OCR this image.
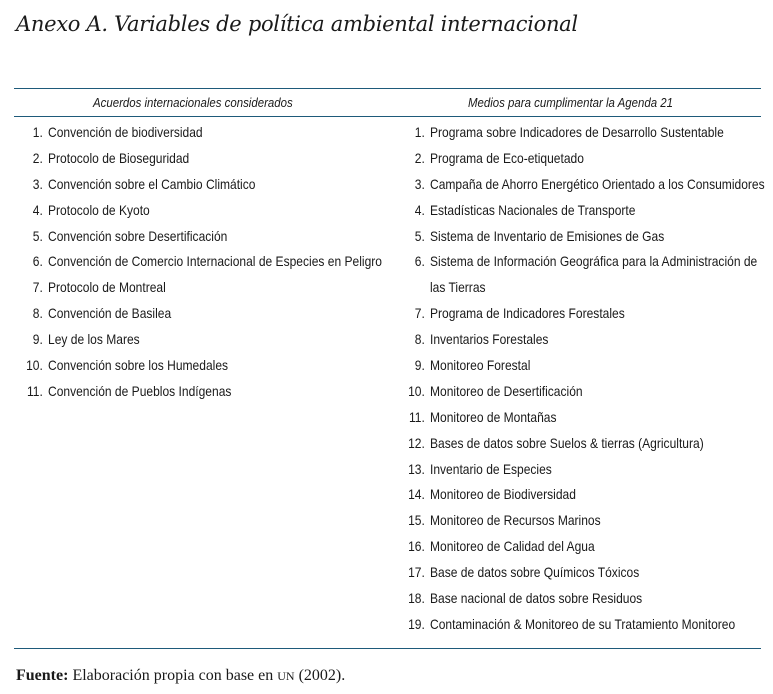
Anexo A. Variables de política ambiental internacional
Acuerdos internacionales considerados	Medios para cumplimentar la Agenda 21
1. Convención de biodiversidad
2. Protocolo de Bioseguridad
3. Convención sobre el Cambio Climático
4. Protocolo de Kyoto
5. Convención sobre Desertificación
6. Convención de Comercio Internacional de Especies en Peligro
7. Protocolo de Montreal
8. Convención de Basilea
9. Ley de los Mares
10. Convención sobre los Humedales
11. Convención de Pueblos Indígenas
1. Programa sobre Indicadores de Desarrollo Sustentable
2. Programa de Eco-etiquetado
3. Campaña de Ahorro Energético Orientado a los Consumidores
4. Estadísticas Nacionales de Transporte
5. Sistema de Inventario de Emisiones de Gas
6. Sistema de Información Geográfica para la Administración de
las Tierras
7. Programa de Indicadores Forestales
8. Inventarios Forestales
9. Monitoreo Forestal
10. Monitoreo de Desertificación
11. Monitoreo de Montañas
12. Bases de datos sobre Suelos & tierras (Agricultura)
13. Inventario de Especies
14. Monitoreo de Biodiversidad
15. Monitoreo de Recursos Marinos
16. Monitoreo de Calidad del Agua
17. Base de datos sobre Químicos Tóxicos
18. Base nacional de datos sobre Residuos
19. Contaminación & Monitoreo de su Tratamiento Monitoreo
Fuente: Elaboración propia con base en UN (2002).
